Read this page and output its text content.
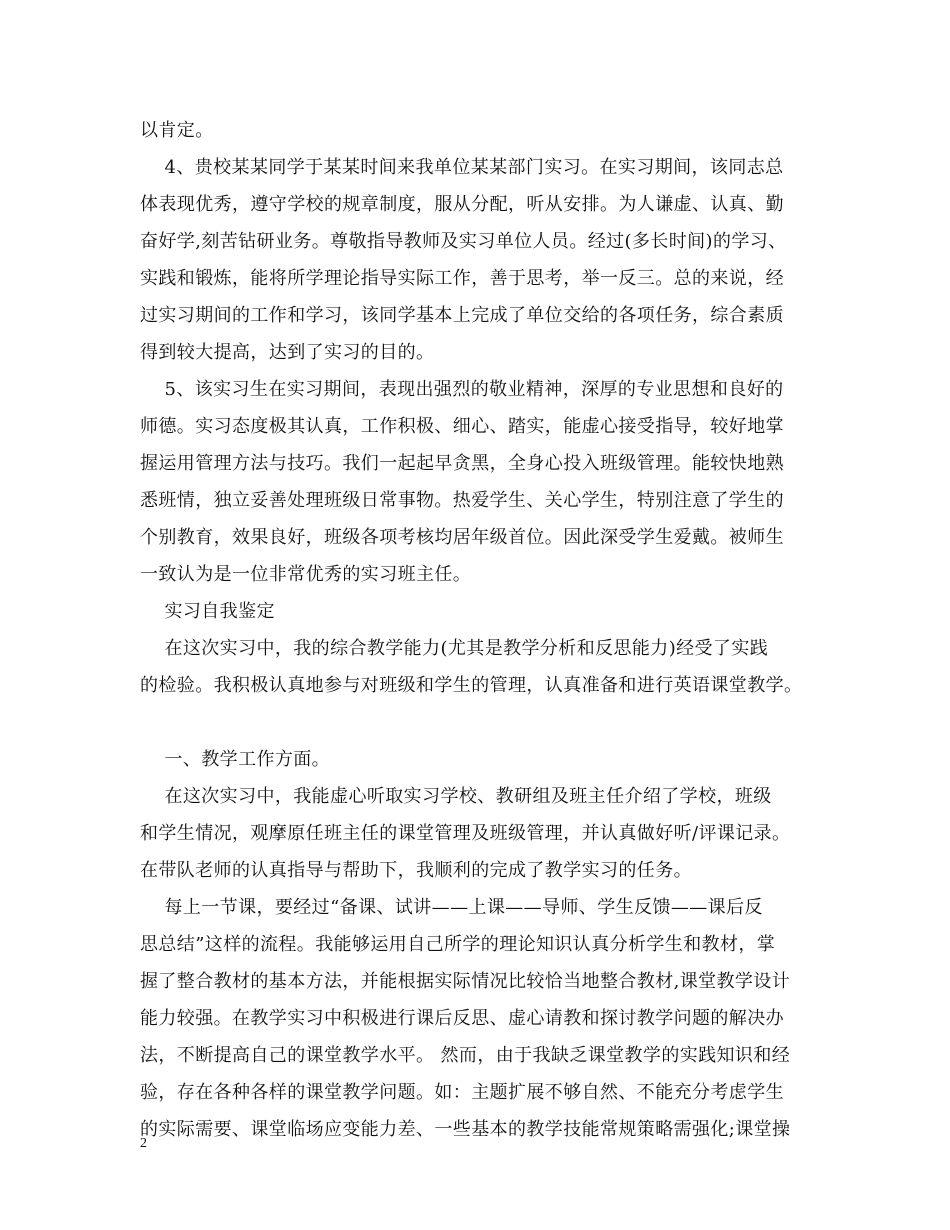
以肯定。
4、贵校某某同学于某某时间来我单位某某部门实习。在实习期间，该同志总
体表现优秀，遵守学校的规章制度，服从分配，听从安排。为人谦虚、认真、勤
奋好学,刻苦钻研业务。尊敬指导教师及实习单位人员。经过(多长时间)的学习、
实践和锻炼，能将所学理论指导实际工作，善于思考，举一反三。总的来说，经
过实习期间的工作和学习，该同学基本上完成了单位交给的各项任务，综合素质
得到较大提高，达到了实习的目的。
5、该实习生在实习期间，表现出强烈的敬业精神，深厚的专业思想和良好的
师德。实习态度极其认真，工作积极、细心、踏实，能虚心接受指导，较好地掌
握运用管理方法与技巧。我们一起起早贪黑，全身心投入班级管理。能较快地熟
悉班情，独立妥善处理班级日常事物。热爱学生、关心学生，特别注意了学生的
个别教育，效果良好，班级各项考核均居年级首位。因此深受学生爱戴。被师生
一致认为是一位非常优秀的实习班主任。
实习自我鉴定
在这次实习中，我的综合教学能力(尤其是教学分析和反思能力)经受了实践
的检验。我积极认真地参与对班级和学生的管理，认真准备和进行英语课堂教学。
一、教学工作方面。
在这次实习中，我能虚心听取实习学校、教研组及班主任介绍了学校，班级
和学生情况，观摩原任班主任的课堂管理及班级管理，并认真做好听/评课记录。
在带队老师的认真指导与帮助下，我顺利的完成了教学实习的任务。
每上一节课，要经过“备课、试讲——上课——导师、学生反馈——课后反
思总结”这样的流程。我能够运用自己所学的理论知识认真分析学生和教材，掌
握了整合教材的基本方法，并能根据实际情况比较恰当地整合教材,课堂教学设计
能力较强。在教学实习中积极进行课后反思、虚心请教和探讨教学问题的解决办
法，不断提高自己的课堂教学水平。 然而，由于我缺乏课堂教学的实践知识和经
验，存在各种各样的课堂教学问题。如：主题扩展不够自然、不能充分考虑学生
的实际需要、课堂临场应变能力差、一些基本的教学技能常规策略需强化;课堂操
2
